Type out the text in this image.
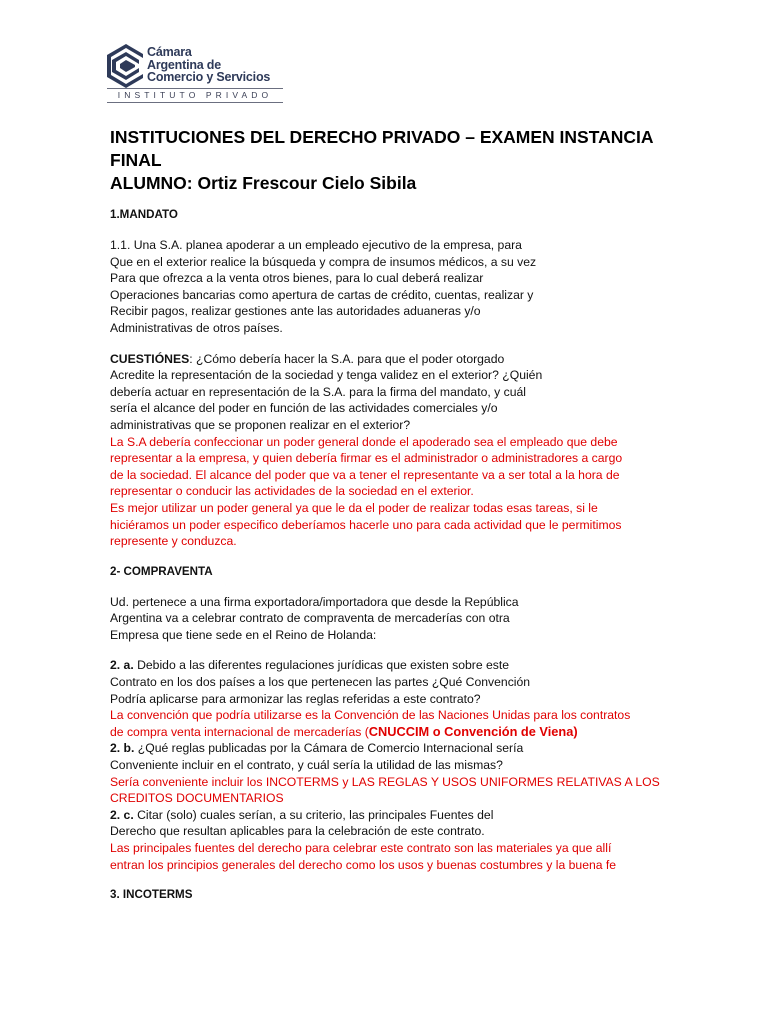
Cámara
Argentina de
Comercio y Servicios
INSTITUTO PRIVADO
INSTITUCIONES DEL DERECHO PRIVADO – EXAMEN INSTANCIA
FINAL
ALUMNO: Ortiz Frescour Cielo Sibila
1.MANDATO

1.1. Una S.A. planea apoderar a un empleado ejecutivo de la empresa, para
Que en el exterior realice la búsqueda y compra de insumos médicos, a su vez
Para que ofrezca a la venta otros bienes, para lo cual deberá realizar
Operaciones bancarias como apertura de cartas de crédito, cuentas, realizar y
Recibir pagos, realizar gestiones ante las autoridades aduaneras y/o
Administrativas de otros países.

CUESTIÓNES: ¿Cómo debería hacer la S.A. para que el poder otorgado
Acredite la representación de la sociedad y tenga validez en el exterior? ¿Quién
debería actuar en representación de la S.A. para la firma del mandato, y cuál
sería el alcance del poder en función de las actividades comerciales y/o
administrativas que se proponen realizar en el exterior?

La S.A debería confeccionar un poder general donde el apoderado sea el empleado que debe
representar a la empresa, y quien debería firmar es el administrador o administradores a cargo
de la sociedad. El alcance del poder que va a tener el representante va a ser total a la hora de
representar o conducir las actividades de la sociedad en el exterior.

Es mejor utilizar un poder general ya que le da el poder de realizar todas esas tareas, si le
hiciéramos un poder especifico deberíamos hacerle uno para cada actividad que le permitimos
represente y conduzca.

2- COMPRAVENTA

Ud. pertenece a una firma exportadora/importadora que desde la República
Argentina va a celebrar contrato de compraventa de mercaderías con otra
Empresa que tiene sede en el Reino de Holanda:

2. a. Debido a las diferentes regulaciones jurídicas que existen sobre este
Contrato en los dos países a los que pertenecen las partes ¿Qué Convención
Podría aplicarse para armonizar las reglas referidas a este contrato?

La convención que podría utilizarse es la Convención de las Naciones Unidas para los contratos
de compra venta internacional de mercaderías (CNUCCIM o Convención de Viena)

2. b. ¿Qué reglas publicadas por la Cámara de Comercio Internacional sería
Conveniente incluir en el contrato, y cuál sería la utilidad de las mismas?

Sería conveniente incluir los INCOTERMS y LAS REGLAS Y USOS UNIFORMES RELATIVAS A LOS
CREDITOS DOCUMENTARIOS

2. c. Citar (solo) cuales serían, a su criterio, las principales Fuentes del
Derecho que resultan aplicables para la celebración de este contrato.

Las principales fuentes del derecho para celebrar este contrato son las materiales ya que allí
entran los principios generales del derecho como los usos y buenas costumbres y la buena fe

3. INCOTERMS
